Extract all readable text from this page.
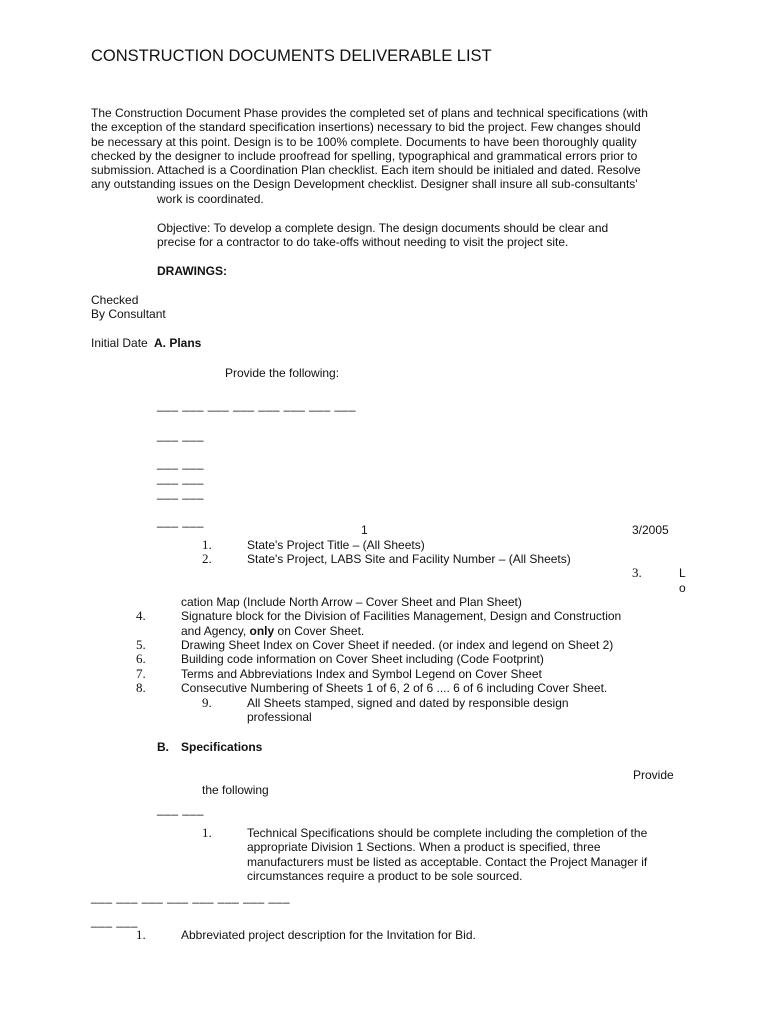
CONSTRUCTION DOCUMENTS DELIVERABLE LIST
The Construction Document Phase provides the completed set of plans and technical specifications (with
the exception of the standard specification insertions) necessary to bid the project. Few changes should
be necessary at this point. Design is to be 100% complete. Documents to have been thoroughly quality
checked by the designer to include proofread for spelling, typographical and grammatical errors prior to
submission. Attached is a Coordination Plan checklist. Each item should be initialed and dated. Resolve
any outstanding issues on the Design Development checklist. Designer shall insure all sub-consultants'
work is coordinated.
Objective: To develop a complete design. The design documents should be clear and
precise for a contractor to do take-offs without needing to visit the project site.
DRAWINGS:
Checked
By Consultant
Initial Date A. Plans
Provide the following:
___ ___ ___ ___ ___ ___ ___ ___
___ ___
___ ___
___ ___
___ ___
___ ___
1	3/2005
1.	State's Project Title – (All Sheets)
2.	State's Project, LABS Site and Facility Number – (All Sheets)
3.	L
o
cation Map (Include North Arrow – Cover Sheet and Plan Sheet)
4.	Signature block for the Division of Facilities Management, Design and Construction
and Agency, only on Cover Sheet.
5.	Drawing Sheet Index on Cover Sheet if needed. (or index and legend on Sheet 2)
6.	Building code information on Cover Sheet including (Code Footprint)
7.	Terms and Abbreviations Index and Symbol Legend on Cover Sheet
8.	Consecutive Numbering of Sheets 1 of 6, 2 of 6 .... 6 of 6 including Cover Sheet.
9.	All Sheets stamped, signed and dated by responsible design
professional
B. Specifications
Provide
the following
___ ___
1.	Technical Specifications should be complete including the completion of the
appropriate Division 1 Sections. When a product is specified, three
manufacturers must be listed as acceptable. Contact the Project Manager if
circumstances require a product to be sole sourced.
___ ___ ___ ___ ___ ___ ___ ___
___ ___
1.	Abbreviated project description for the Invitation for Bid.
